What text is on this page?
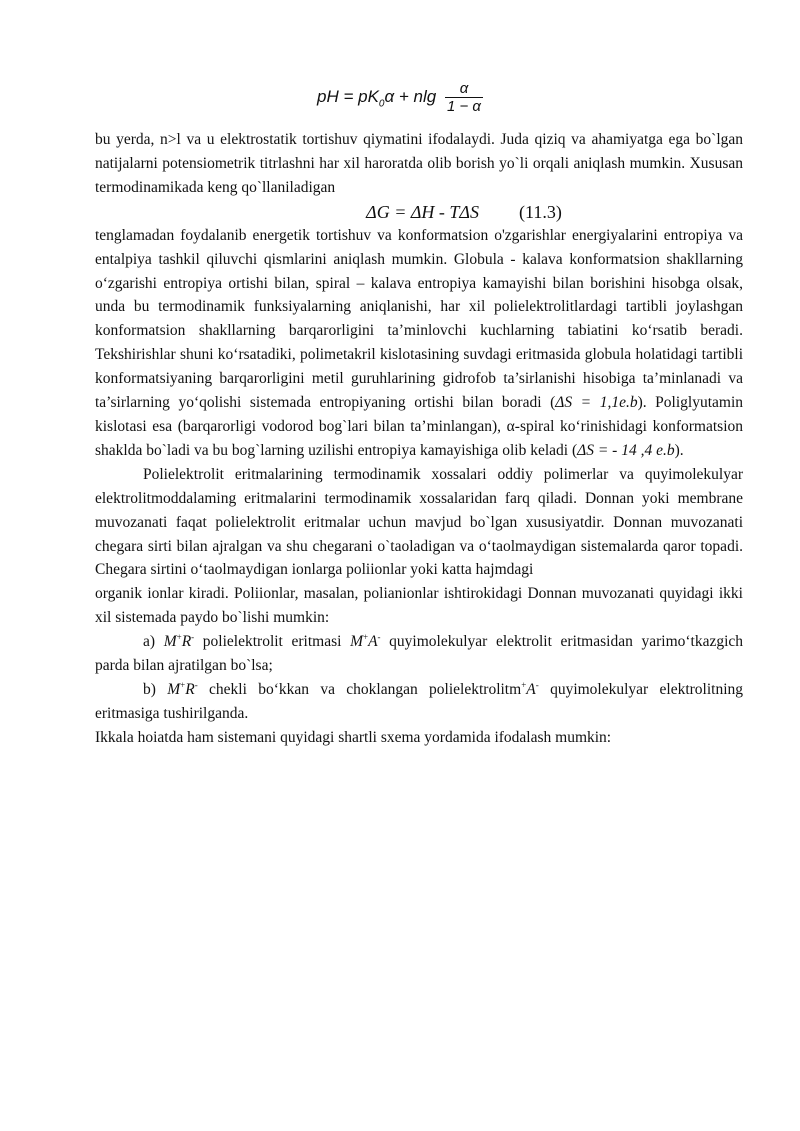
pH = $pK_0\alpha + nlg \frac{\alpha}{1 - \alpha}$

bu yerda, n>l va u elektrostatik tortishuv qiymatini ifodalaydi. Juda qiziq va ahamiyatga ega bo`lgan natijalarni potensiometrik titrlashni har xil haroratda olib borish yo`li orqali aniqlash mumkin. Xususan termodinamikada keng qo`llaniladigan

ΔG = ΔH - TΔS (11.3)

tenglamadan foydalanib energetik tortishuv va konformatsion o'zgarishlar energiyalarini entropiya va entalpiya tashkil qiluvchi qismlarini aniqlash mumkin. Globula - kalava konformatsion shakllarning o‘zgarishi entropiya ortishi bilan, spiral – kalava entropiya kamayishi bilan borishini hisobga olsak, unda bu termodinamik funksiyalarning aniqlanishi, har xil polielektrolitlardagi tartibli joylashgan konformatsion shakllarning barqarorligini ta’minlovchi kuchlarning tabiatini ko‘rsatib beradi. Tekshirishlar shuni ko‘rsatadiki, polimetakril kislotasining suvdagi eritmasida globula holatidagi tartibli konformatsiyaning barqarorligini metil guruhlarining gidrofob ta’sirlanishi hisobiga ta’minlanadi va ta’sirlarning yo‘qolishi sistemada entropiyaning ortishi bilan boradi (ΔS = 1,1e.b). Poliglyutamin kislotasi esa (barqarorligi vodorod bog`lari bilan ta’minlangan), α-spiral ko‘rinishidagi konformatsion shaklda bo`ladi va bu bog`larning uzilishi entropiya kamayishiga olib keladi (ΔS = - 14 ,4 e.b).

Polielektrolit eritmalarining termodinamik xossalari oddiy polimerlar va quyimolekulyar elektrolitmoddalaming eritmalarini termodinamik xossalaridan farq qiladi. Donnan yoki membrane muvozanati faqat polielektrolit eritmalar uchun mavjud bo`lgan xususiyatdir. Donnan muvozanati chegara sirti bilan ajralgan va shu chegarani o`taoladigan va o‘taolmaydigan sistemalarda qaror topadi. Chegara sirtini o‘taolmaydigan ionlarga poliionlar yoki katta hajmdagi

organik ionlar kiradi. Poliionlar, masalan, polianionlar ishtirokidagi Donnan muvozanati quyidagi ikki xil sistemada paydo bo`lishi mumkin:

a) M+R- polielektrolit eritmasi M+A- quyimolekulyar elektrolit eritmasidan yarimo‘tkazgich parda bilan ajratilgan bo`lsa;

b) M+R- chekli bo‘kkan va choklangan polielektrolitm+A- quyimolekulyar elektrolitning eritmasiga tushirilganda.

Ikkala hoiatda ham sistemani quyidagi shartli sxema yordamida ifodalash mumkin:
